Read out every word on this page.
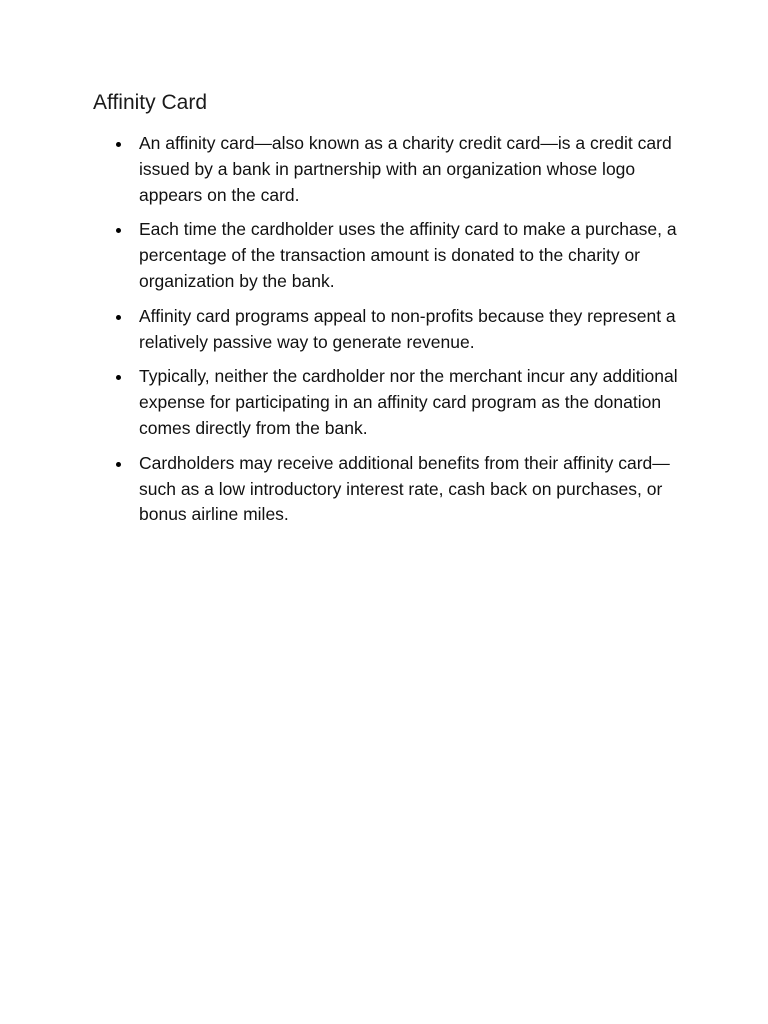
Affinity Card
An affinity card—also known as a charity credit card—is a credit card issued by a bank in partnership with an organization whose logo appears on the card.
Each time the cardholder uses the affinity card to make a purchase, a percentage of the transaction amount is donated to the charity or organization by the bank.
Affinity card programs appeal to non-profits because they represent a relatively passive way to generate revenue.
Typically, neither the cardholder nor the merchant incur any additional expense for participating in an affinity card program as the donation comes directly from the bank.
Cardholders may receive additional benefits from their affinity card—such as a low introductory interest rate, cash back on purchases, or bonus airline miles.
